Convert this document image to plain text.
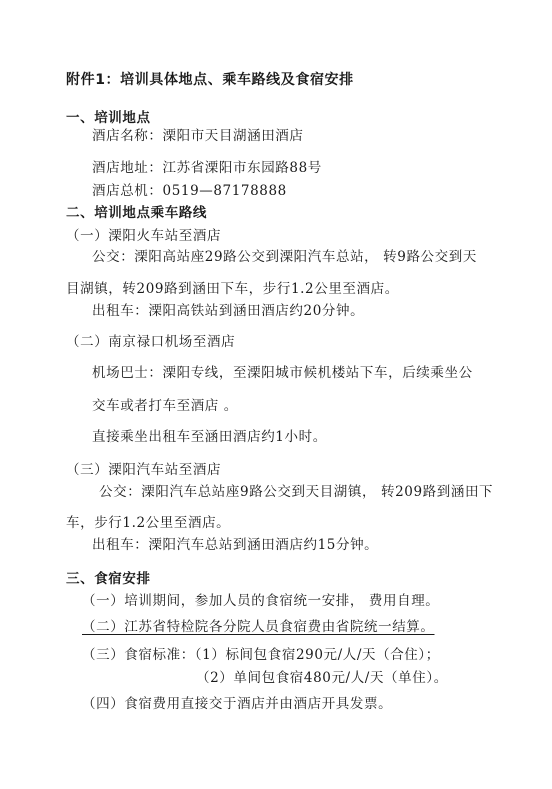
附件1：培训具体地点、乘车路线及食宿安排
一、培训地点
酒店名称：溧阳市天目湖涵田酒店
酒店地址：江苏省溧阳市东园路88号
酒店总机：0519—87178888
二、培训地点乘车路线
（一）溧阳火车站至酒店
公交：溧阳高站座29路公交到溧阳汽车总站， 转9路公交到天
目湖镇，转209路到涵田下车，步行1.2公里至酒店。
出租车：溧阳高铁站到涵田酒店约20分钟。
（二）南京禄口机场至酒店
机场巴士：溧阳专线，至溧阳城市候机楼站下车，后续乘坐公
交车或者打车至酒店 。
直接乘坐出租车至涵田酒店约1小时。
（三）溧阳汽车站至酒店
公交：溧阳汽车总站座9路公交到天目湖镇， 转209路到涵田下
车，步行1.2公里至酒店。
出租车：溧阳汽车总站到涵田酒店约15分钟。
三、食宿安排
（一）培训期间，参加人员的食宿统一安排， 费用自理。
（二）江苏省特检院各分院人员食宿费由省院统一结算。
（三）食宿标准：（1）标间包食宿290元/人/天（合住）；
（2）单间包食宿480元/人/天（单住）。
（四）食宿费用直接交于酒店并由酒店开具发票。
